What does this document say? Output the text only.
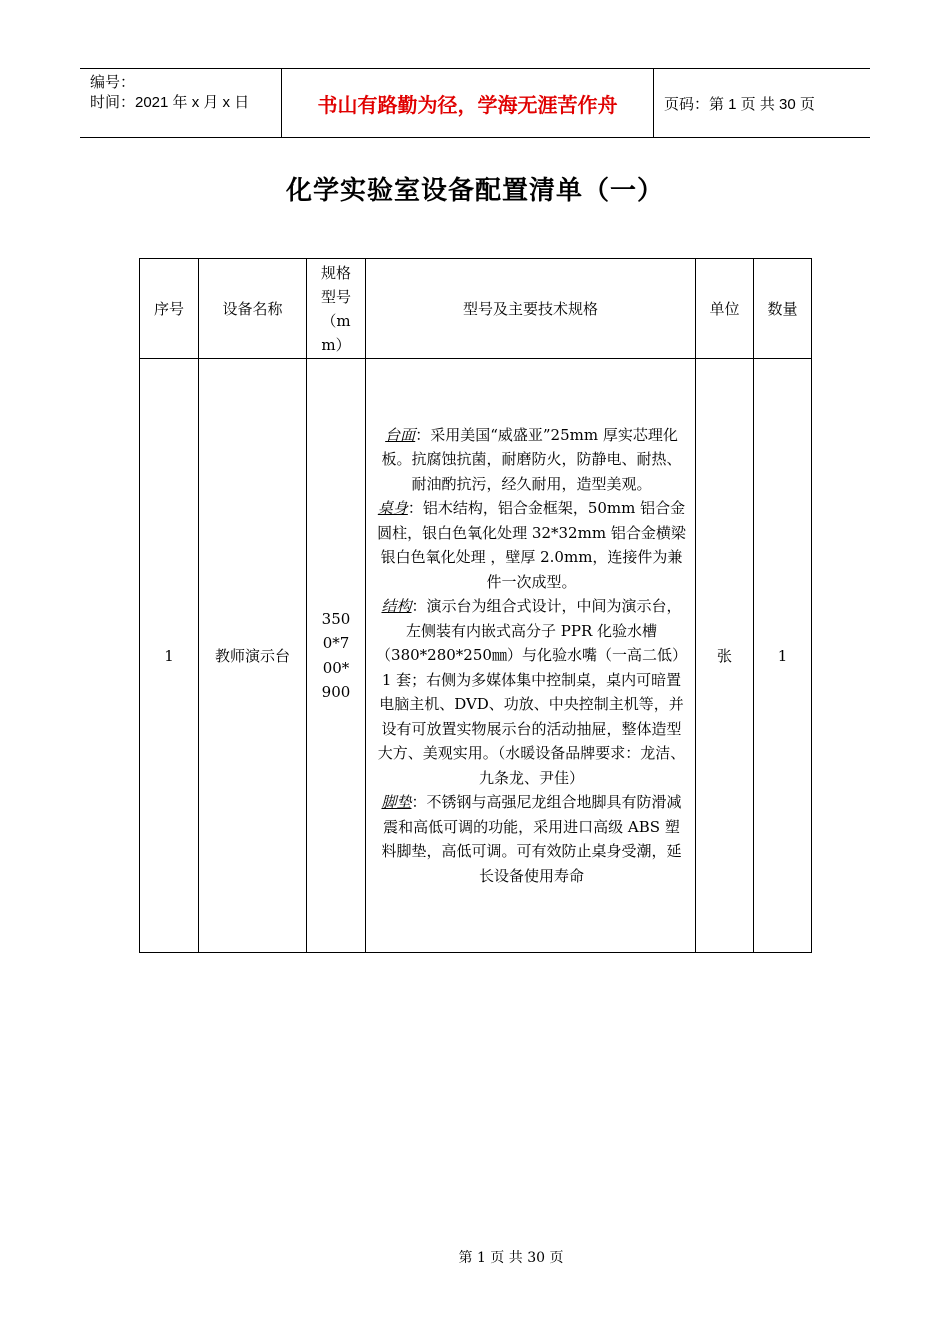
编号：
时间：2021 年 x 月 x 日	书山有路勤为径，学海无涯苦作舟	页码：第 1 页 共 30 页
化学实验室设备配置清单（一）
序号	设备名称	规格型号（mm）	型号及主要技术规格	单位	数量
1	教师演示台	3500*700*900	台面：采用美国“威盛亚”25mm 厚实芯理化板。抗腐蚀抗菌，耐磨防火，防静电、耐热、耐油酌抗污，经久耐用，造型美观。
桌身：铝木结构，铝合金框架，50mm 铝合金圆柱，银白色氧化处理 32*32mm 铝合金横梁银白色氧化处理 ，壁厚 2.0mm，连接件为兼件一次成型。
结构：演示台为组合式设计，中间为演示台，左侧装有内嵌式高分子 PPR 化验水槽（380*280*250㎜）与化验水嘴（一高二低）1 套；右侧为多媒体集中控制桌，桌内可暗置电脑主机、DVD、功放、中央控制主机等，并设有可放置实物展示台的活动抽屉，整体造型大方、美观实用。（水暖设备品牌要求：龙洁、九条龙、尹佳）
脚垫：不锈钢与高强尼龙组合地脚具有防滑减震和高低可调的功能，采用进口高级 ABS 塑料脚垫，高低可调。可有效防止桌身受潮，延长设备使用寿命	张	1
第 1 页 共 30 页
